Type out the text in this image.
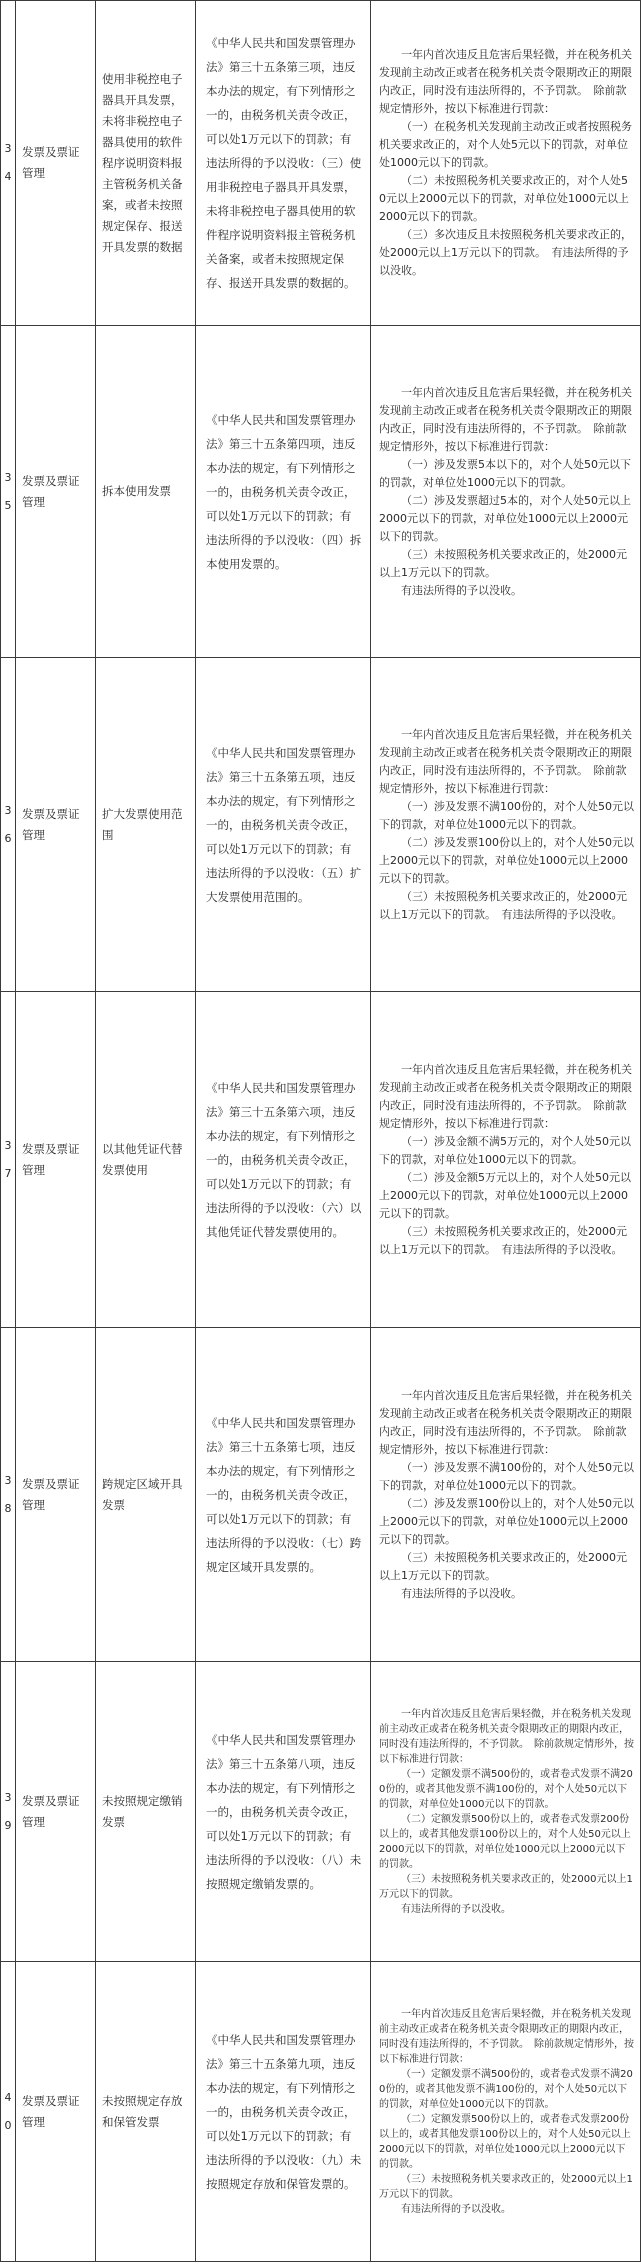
34
发票及票证管理
使用非税控电子器具开具发票，未将非税控电子器具使用的软件程序说明资料报主管税务机关备案，或者未按照规定保存、报送开具发票的数据
《中华人民共和国发票管理办法》第三十五条第三项，违反本办法的规定，有下列情形之一的，由税务机关责令改正，可以处1万元以下的罚款；有违法所得的予以没收：（三）使用非税控电子器具开具发票，未将非税控电子器具使用的软件程序说明资料报主管税务机关备案，或者未按照规定保存、报送开具发票的数据的。

一年内首次违反且危害后果轻微，并在税务机关发现前主动改正或者在税务机关责令限期改正的期限内改正，同时没有违法所得的，不予罚款。　除前款规定情形外，按以下标准进行罚款：

（一）在税务机关发现前主动改正或者按照税务机关要求改正的，对个人处5元以下的罚款，对单位处1000元以下的罚款。

（二）未按照税务机关要求改正的，对个人处50元以上2000元以下的罚款，对单位处1000元以上2000元以下的罚款。

（三）多次违反且未按照税务机关要求改正的，处2000元以上1万元以下的罚款。　有违法所得的予以没收。

35
发票及票证管理
拆本使用发票
《中华人民共和国发票管理办法》第三十五条第四项，违反本办法的规定，有下列情形之一的，由税务机关责令改正，可以处1万元以下的罚款；有违法所得的予以没收：（四）拆本使用发票的。

一年内首次违反且危害后果轻微，并在税务机关发现前主动改正或者在税务机关责令限期改正的期限内改正，同时没有违法所得的，不予罚款。　除前款规定情形外，按以下标准进行罚款：

（一）涉及发票5本以下的，对个人处50元以下的罚款，对单位处1000元以下的罚款。

（二）涉及发票超过5本的，对个人处50元以上2000元以下的罚款，对单位处1000元以上2000元以下的罚款。

（三）未按照税务机关要求改正的，处2000元以上1万元以下的罚款。

有违法所得的予以没收。

36
发票及票证管理
扩大发票使用范围
《中华人民共和国发票管理办法》第三十五条第五项，违反本办法的规定，有下列情形之一的，由税务机关责令改正，可以处1万元以下的罚款；有违法所得的予以没收：（五）扩大发票使用范围的。

一年内首次违反且危害后果轻微，并在税务机关发现前主动改正或者在税务机关责令限期改正的期限内改正，同时没有违法所得的，不予罚款。　除前款规定情形外，按以下标准进行罚款：

（一）涉及发票不满100份的，对个人处50元以下的罚款，对单位处1000元以下的罚款。

（二）涉及发票100份以上的，对个人处50元以上2000元以下的罚款，对单位处1000元以上2000元以下的罚款。

（三）未按照税务机关要求改正的，处2000元以上1万元以下的罚款。　有违法所得的予以没收。

37
发票及票证管理
以其他凭证代替发票使用
《中华人民共和国发票管理办法》第三十五条第六项，违反本办法的规定，有下列情形之一的，由税务机关责令改正，可以处1万元以下的罚款；有违法所得的予以没收：（六）以其他凭证代替发票使用的。

一年内首次违反且危害后果轻微，并在税务机关发现前主动改正或者在税务机关责令限期改正的期限内改正，同时没有违法所得的，不予罚款。　除前款规定情形外，按以下标准进行罚款：

（一）涉及金额不满5万元的，对个人处50元以下的罚款，对单位处1000元以下的罚款。

（二）涉及金额5万元以上的，对个人处50元以上2000元以下的罚款，对单位处1000元以上2000元以下的罚款。

（三）未按照税务机关要求改正的，处2000元以上1万元以下的罚款。　有违法所得的予以没收。

38
发票及票证管理
跨规定区域开具发票
《中华人民共和国发票管理办法》第三十五条第七项，违反本办法的规定，有下列情形之一的，由税务机关责令改正，可以处1万元以下的罚款；有违法所得的予以没收：（七）跨规定区域开具发票的。

一年内首次违反且危害后果轻微，并在税务机关发现前主动改正或者在税务机关责令限期改正的期限内改正，同时没有违法所得的，不予罚款。　除前款规定情形外，按以下标准进行罚款：

（一）涉及发票不满100份的，对个人处50元以下的罚款，对单位处1000元以下的罚款。

（二）涉及发票100份以上的，对个人处50元以上2000元以下的罚款，对单位处1000元以上2000元以下的罚款。

（三）未按照税务机关要求改正的，处2000元以上1万元以下的罚款。

有违法所得的予以没收。

39
发票及票证管理
未按照规定缴销发票
《中华人民共和国发票管理办法》第三十五条第八项，违反本办法的规定，有下列情形之一的，由税务机关责令改正，可以处1万元以下的罚款；有违法所得的予以没收：（八）未按照规定缴销发票的。

一年内首次违反且危害后果轻微，并在税务机关发现前主动改正或者在税务机关责令限期改正的期限内改正，同时没有违法所得的，不予罚款。　除前款规定情形外，按以下标准进行罚款：

（一）定额发票不满500份的，或者卷式发票不满200份的，或者其他发票不满100份的，对个人处50元以下的罚款，对单位处1000元以下的罚款。

（二）定额发票500份以上的，或者卷式发票200份以上的，或者其他发票100份以上的，对个人处50元以上2000元以下的罚款，对单位处1000元以上2000元以下的罚款。

（三）未按照税务机关要求改正的，处2000元以上1万元以下的罚款。

有违法所得的予以没收。

40
发票及票证管理
未按照规定存放和保管发票
《中华人民共和国发票管理办法》第三十五条第九项，违反本办法的规定，有下列情形之一的，由税务机关责令改正，可以处1万元以下的罚款；有违法所得的予以没收：（九）未按照规定存放和保管发票的。

一年内首次违反且危害后果轻微，并在税务机关发现前主动改正或者在税务机关责令限期改正的期限内改正，同时没有违法所得的，不予罚款。　除前款规定情形外，按以下标准进行罚款：

（一）定额发票不满500份的，或者卷式发票不满200份的，或者其他发票不满100份的，对个人处50元以下的罚款，对单位处1000元以下的罚款。

（二）定额发票500份以上的，或者卷式发票200份以上的，或者其他发票100份以上的，对个人处50元以上2000元以下的罚款，对单位处1000元以上2000元以下的罚款。

（三）未按照税务机关要求改正的，处2000元以上1万元以下的罚款。

有违法所得的予以没收。
